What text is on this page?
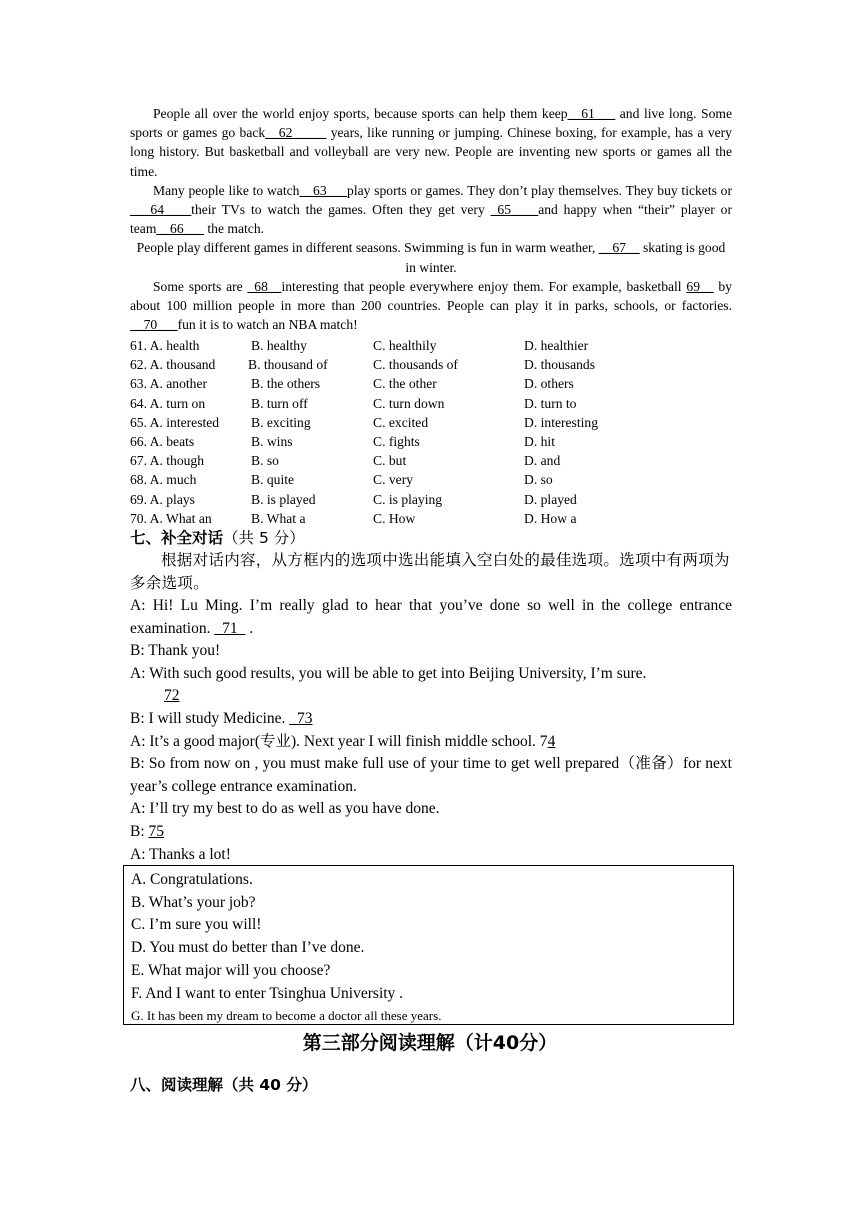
People all over the world enjoy sports, because sports can help them keep__61___ and live long. Some sports or games go back__62_____ years, like running or jumping. Chinese boxing, for example, has a very long history. But basketball and volleyball are very new. People are inventing new sports or games all the time.

Many people like to watch__63___play sports or games. They don’t play themselves. They buy tickets or ___64____their TVs to watch the games. Often they get very _65____and happy when “their” player or team__66___ the match.

People play different games in different seasons. Swimming is fun in warm weather, __67__ skating is good in winter.

Some sports are _68__interesting that people everywhere enjoy them. For example, basketball 69__ by about 100 million people in more than 200 countries. People can play it in parks, schools, or factories. __70___fun it is to watch an NBA match!

61. A. health	B. healthy	C. healthily	D. healthier
62. A. thousand B. thousand of	C. thousands of	D. thousands
63. A. another	B. the others	C. the other	D. others
64. A. turn on	B. turn off	C. turn down	D. turn to
65. A. interested B. exciting	C. excited	D. interesting
66. A. beats	B. wins	C. fights	D. hit
67. A. though	B. so	C. but	D. and
68. A. much	B. quite	C. very	D. so
69. A. plays	B. is played	C. is playing	D. played
70. A. What an	B. What a	C. How	D. How a
七、补全对话（共 5 分）

根据对话内容，从方框内的选项中选出能填入空白处的最佳选项。选项中有两项为多余选项。

A: Hi! Lu Ming. I’m really glad to hear that you’ve done so well in the college entrance examination. _71_ .

B: Thank you!

A: With such good results, you will be able to get into Beijing University, I’m sure.
72

B: I will study Medicine. _73

A: It’s a good major(专业). Next year I will finish middle school. 74

B: So from now on , you must make full use of your time to get well prepared（准备）for next year’s college entrance examination.

A: I’ll try my best to do as well as you have done.

B: 75

A: Thanks a lot!

A. Congratulations.
B. What’s your job?
C. I’m sure you will!
D. You must do better than I’ve done.
E. What major will you choose?
F. And I want to enter Tsinghua University .
G. It has been my dream to become a doctor all these years.
第三部分阅读理解（计40分）
八、阅读理解（共 40 分）
